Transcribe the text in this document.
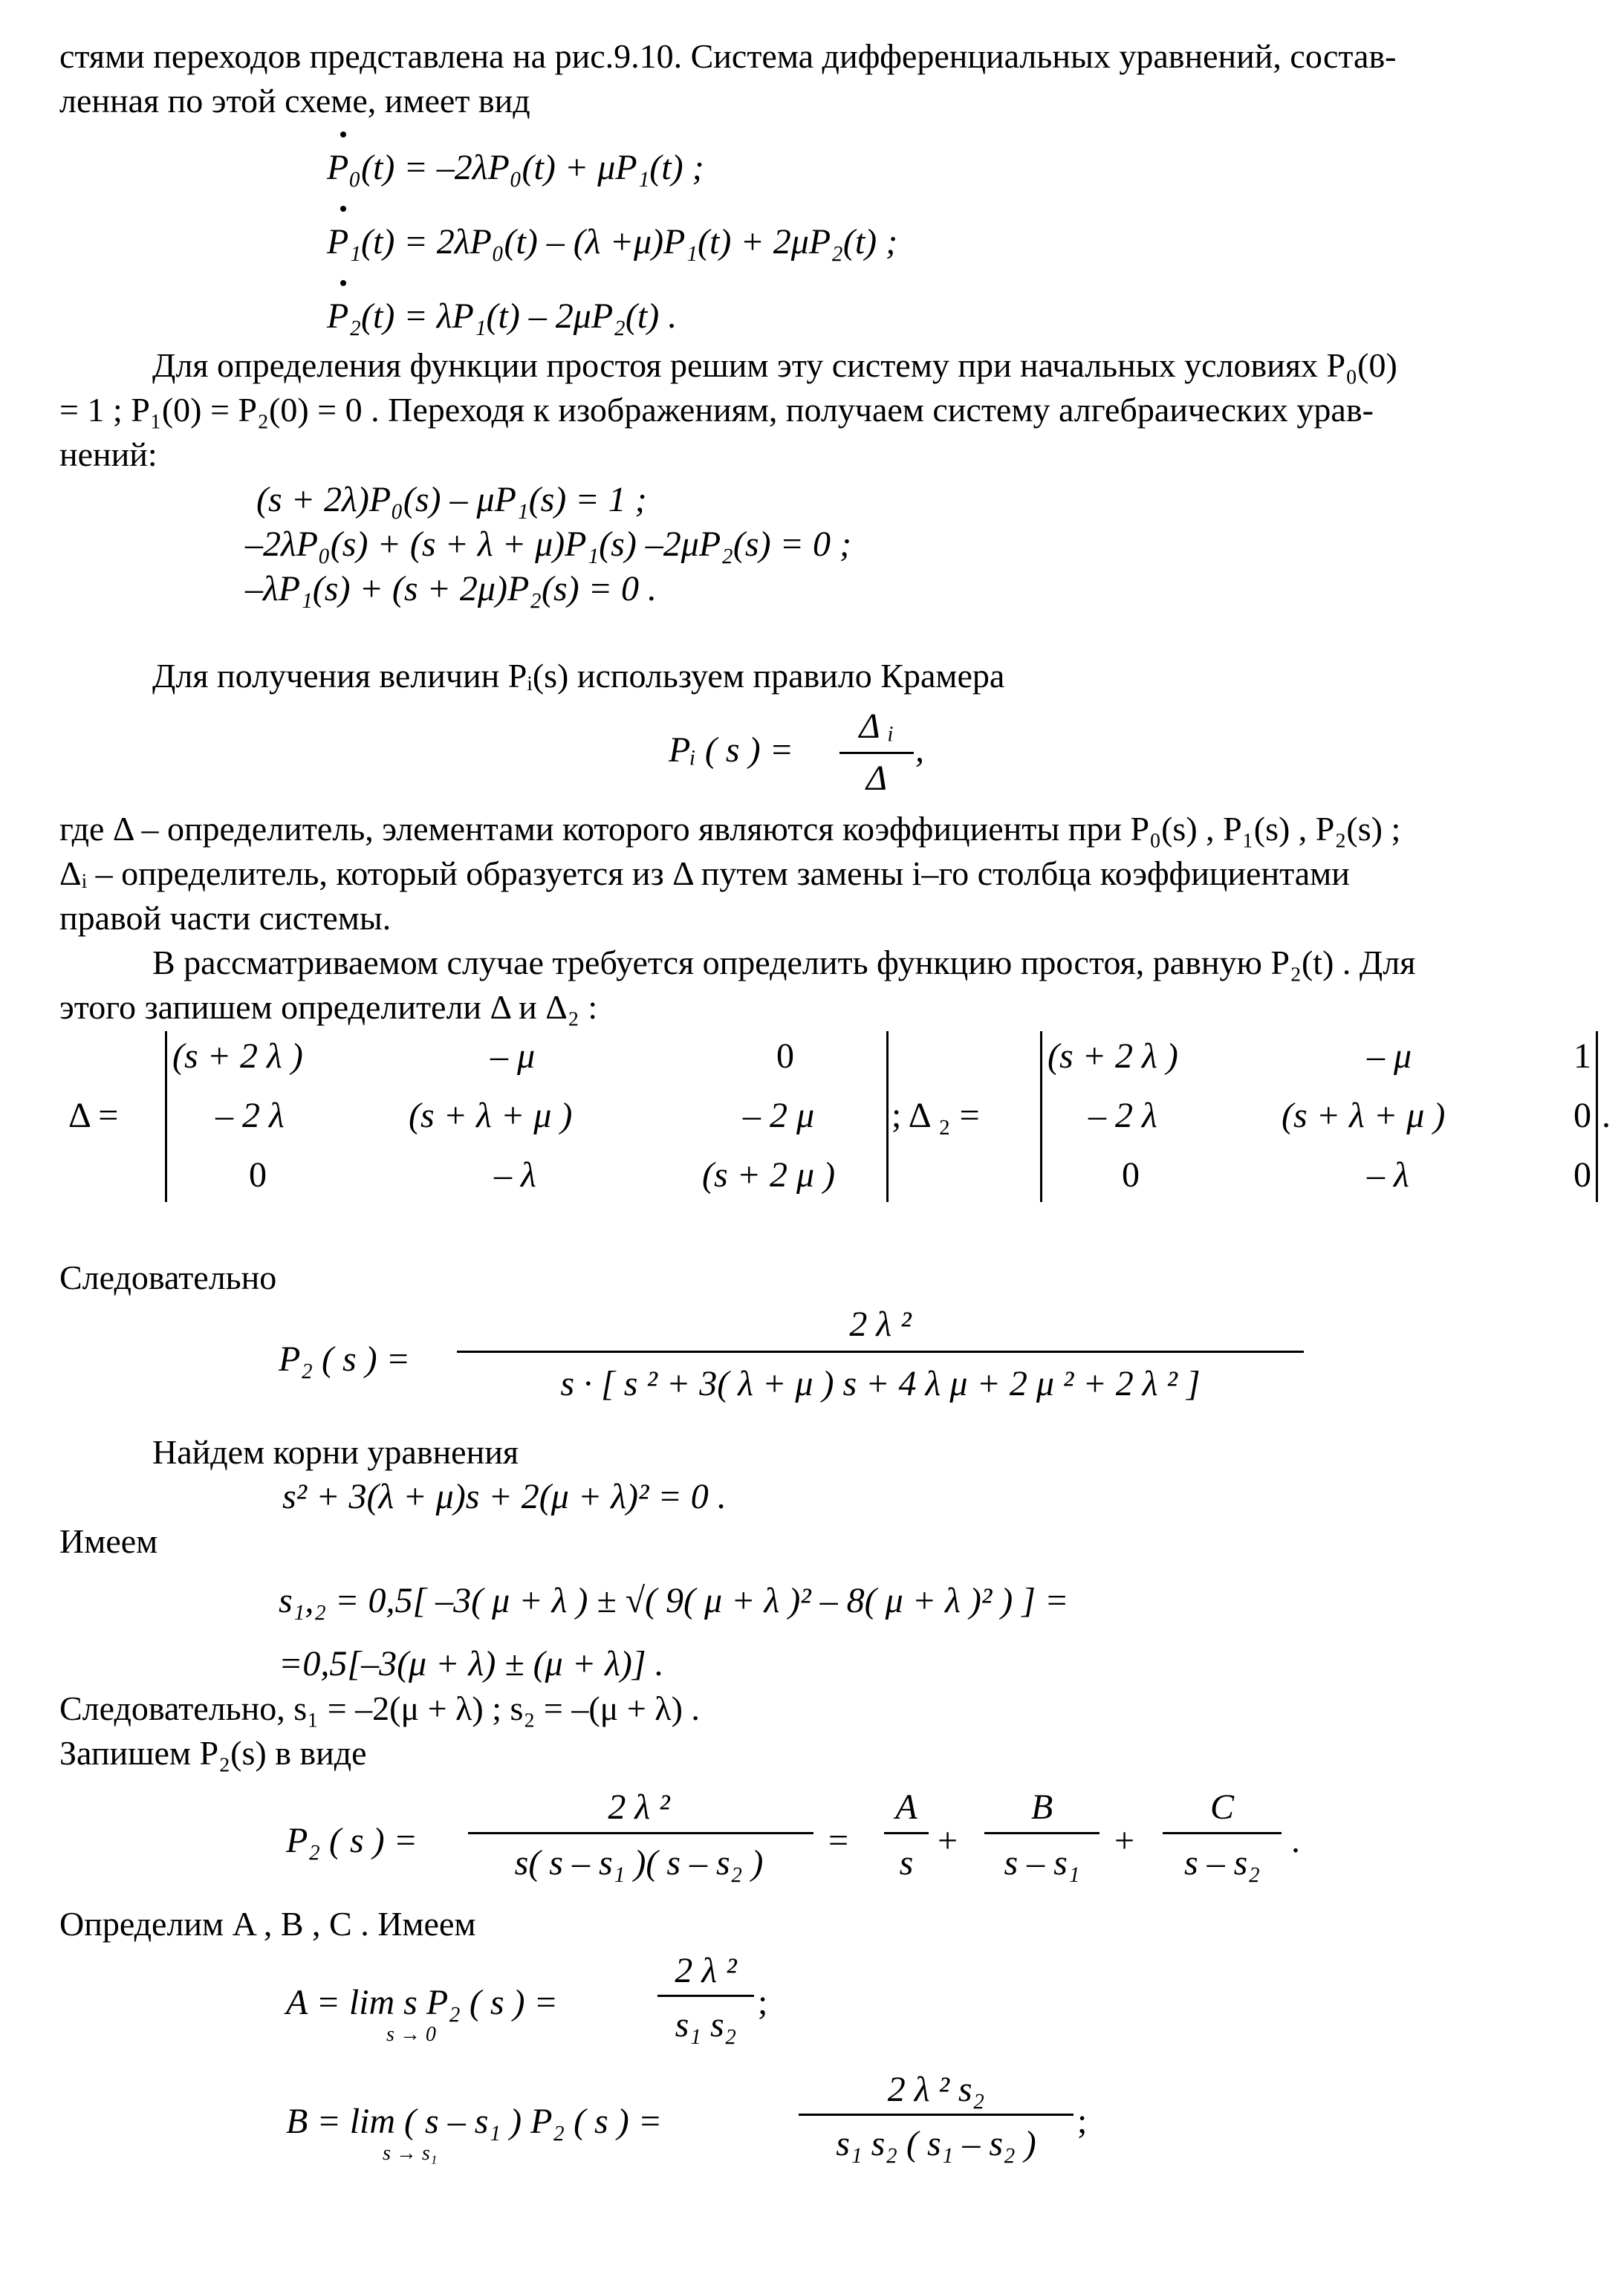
стями переходов представлена на рис.9.10. Система дифференциальных уравнений, состав-
ленная по этой схеме, имеет вид
P₀(t) = –2λP₀(t) + μP₁(t) ;
P₁(t) = 2λP₀(t) – (λ +μ)P₁(t) + 2μP₂(t) ;
P₂(t) = λP₁(t) – 2μP₂(t) .
Для определения функции простоя решим эту систему при начальных условиях P₀(0)
= 1 ; P₁(0) = P₂(0) = 0 . Переходя к изображениям, получаем систему алгебраических урав-
нений:
(s + 2λ)P₀(s) – μP₁(s) = 1 ;
–2λP₀(s) + (s + λ + μ)P₁(s) –2μP₂(s) = 0 ;
–λP₁(s) + (s + 2μ)P₂(s) = 0 .
Для получения величин Pᵢ(s) используем правило Крамера
Pᵢ ( s ) =
Δ ᵢ
Δ
,
где Δ – определитель, элементами которого являются коэффициенты при P₀(s) , P₁(s) , P₂(s) ;
Δᵢ – определитель, который образуется из Δ путем замены i–го столбца коэффициентами
правой части системы.
В рассматриваемом случае требуется определить функцию простоя, равную P₂(t) . Для
этого запишем определители Δ и Δ₂ :
Δ =
(s + 2 λ )	– μ	0
– 2 λ	(s + λ + μ )	– 2 μ
0	– λ	(s + 2 μ )
; Δ ₂ =
(s + 2 λ )	– μ	1
– 2 λ	(s + λ + μ )	0
0	– λ	0
.
Следовательно
P₂ ( s ) =
2 λ ²
s · [ s ² + 3( λ + μ ) s + 4 λ μ + 2 μ ² + 2 λ ² ]
Найдем корни уравнения
s² + 3(λ + μ)s + 2(μ + λ)² = 0 .
Имеем
s₁,₂ = 0,5[ –3( μ + λ ) ± √( 9( μ + λ )² – 8( μ + λ )² ) ] =
=0,5[–3(μ + λ) ± (μ + λ)] .
Следовательно, s₁ = –2(μ + λ) ; s₂ = –(μ + λ) .
Запишем P₂(s) в виде
P₂ ( s ) =
2 λ ²
s( s – s₁ )( s – s₂ )
=
A
s
+
B
s – s₁
+
C
s – s₂
.
Определим A , B , C . Имеем
A = lim s P₂ ( s ) =
s → 0
2 λ ²
s₁ s₂
;
B = lim ( s – s₁ ) P₂ ( s ) =
s → s₁
2 λ ² s₂
s₁ s₂ ( s₁ – s₂ )
;
